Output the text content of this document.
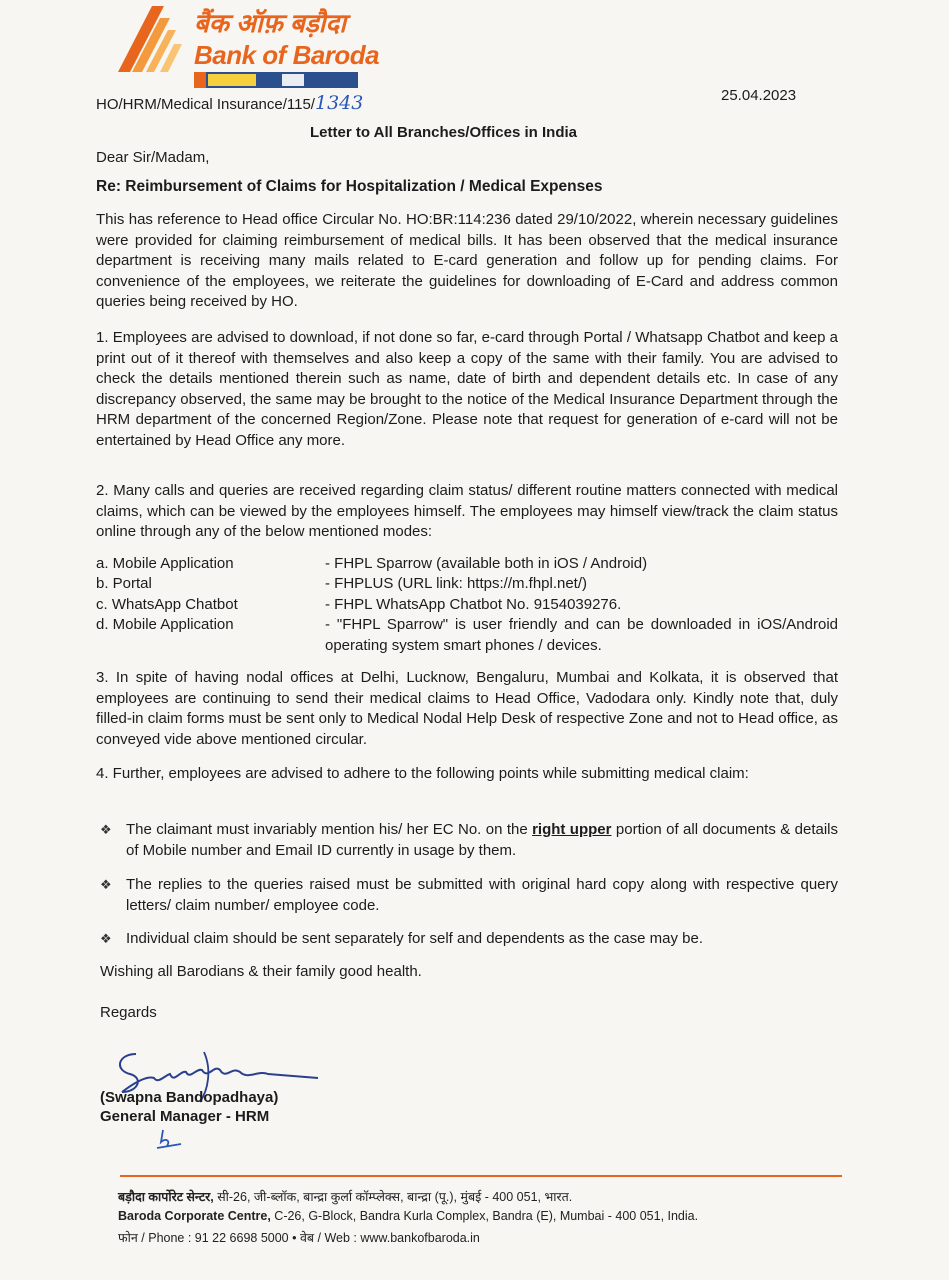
बैंक ऑफ़ बड़ौदा
Bank of Baroda
HO/HRM/Medical Insurance/115/1343	25.04.2023
Letter to All Branches/Offices in India
Dear Sir/Madam,
Re: Reimbursement of Claims for Hospitalization / Medical Expenses
This has reference to Head office Circular No. HO:BR:114:236 dated 29/10/2022, wherein necessary guidelines were provided for claiming reimbursement of medical bills. It has been observed that the medical insurance department is receiving many mails related to E-card generation and follow up for pending claims. For convenience of the employees, we reiterate the guidelines for downloading of E-Card and address common queries being received by HO.
1. Employees are advised to download, if not done so far, e-card through Portal / Whatsapp Chatbot and keep a print out of it thereof with themselves and also keep a copy of the same with their family. You are advised to check the details mentioned therein such as name, date of birth and dependent details etc. In case of any discrepancy observed, the same may be brought to the notice of the Medical Insurance Department through the HRM department of the concerned Region/Zone. Please note that request for generation of e-card will not be entertained by Head Office any more.
2. Many calls and queries are received regarding claim status/ different routine matters connected with medical claims, which can be viewed by the employees himself. The employees may himself view/track the claim status online through any of the below mentioned modes:
a. Mobile Application	- FHPL Sparrow (available both in iOS / Android)
b. Portal	- FHPLUS (URL link: https://m.fhpl.net/)
c. WhatsApp Chatbot	- FHPL WhatsApp Chatbot No. 9154039276.
d. Mobile Application	- "FHPL Sparrow" is user friendly and can be downloaded in iOS/Android operating system smart phones / devices.
3. In spite of having nodal offices at Delhi, Lucknow, Bengaluru, Mumbai and Kolkata, it is observed that employees are continuing to send their medical claims to Head Office, Vadodara only. Kindly note that, duly filled-in claim forms must be sent only to Medical Nodal Help Desk of respective Zone and not to Head office, as conveyed vide above mentioned circular.
4. Further, employees are advised to adhere to the following points while submitting medical claim:
❖ The claimant must invariably mention his/ her EC No. on the right upper portion of all documents & details of Mobile number and Email ID currently in usage by them.
❖ The replies to the queries raised must be submitted with original hard copy along with respective query letters/ claim number/ employee code.
❖ Individual claim should be sent separately for self and dependents as the case may be.
Wishing all Barodians & their family good health.
Regards
(Swapna Bandopadhaya)
General Manager - HRM
बड़ौदा कार्पोरेट सेन्टर, सी-26, जी-ब्लॉक, बान्द्रा कुर्ला कॉम्प्लेक्स, बान्द्रा (पू.), मुंबई - 400 051, भारत.
Baroda Corporate Centre, C-26, G-Block, Bandra Kurla Complex, Bandra (E), Mumbai - 400 051, India.
फोन / Phone : 91 22 6698 5000 • वेब / Web : www.bankofbaroda.in
